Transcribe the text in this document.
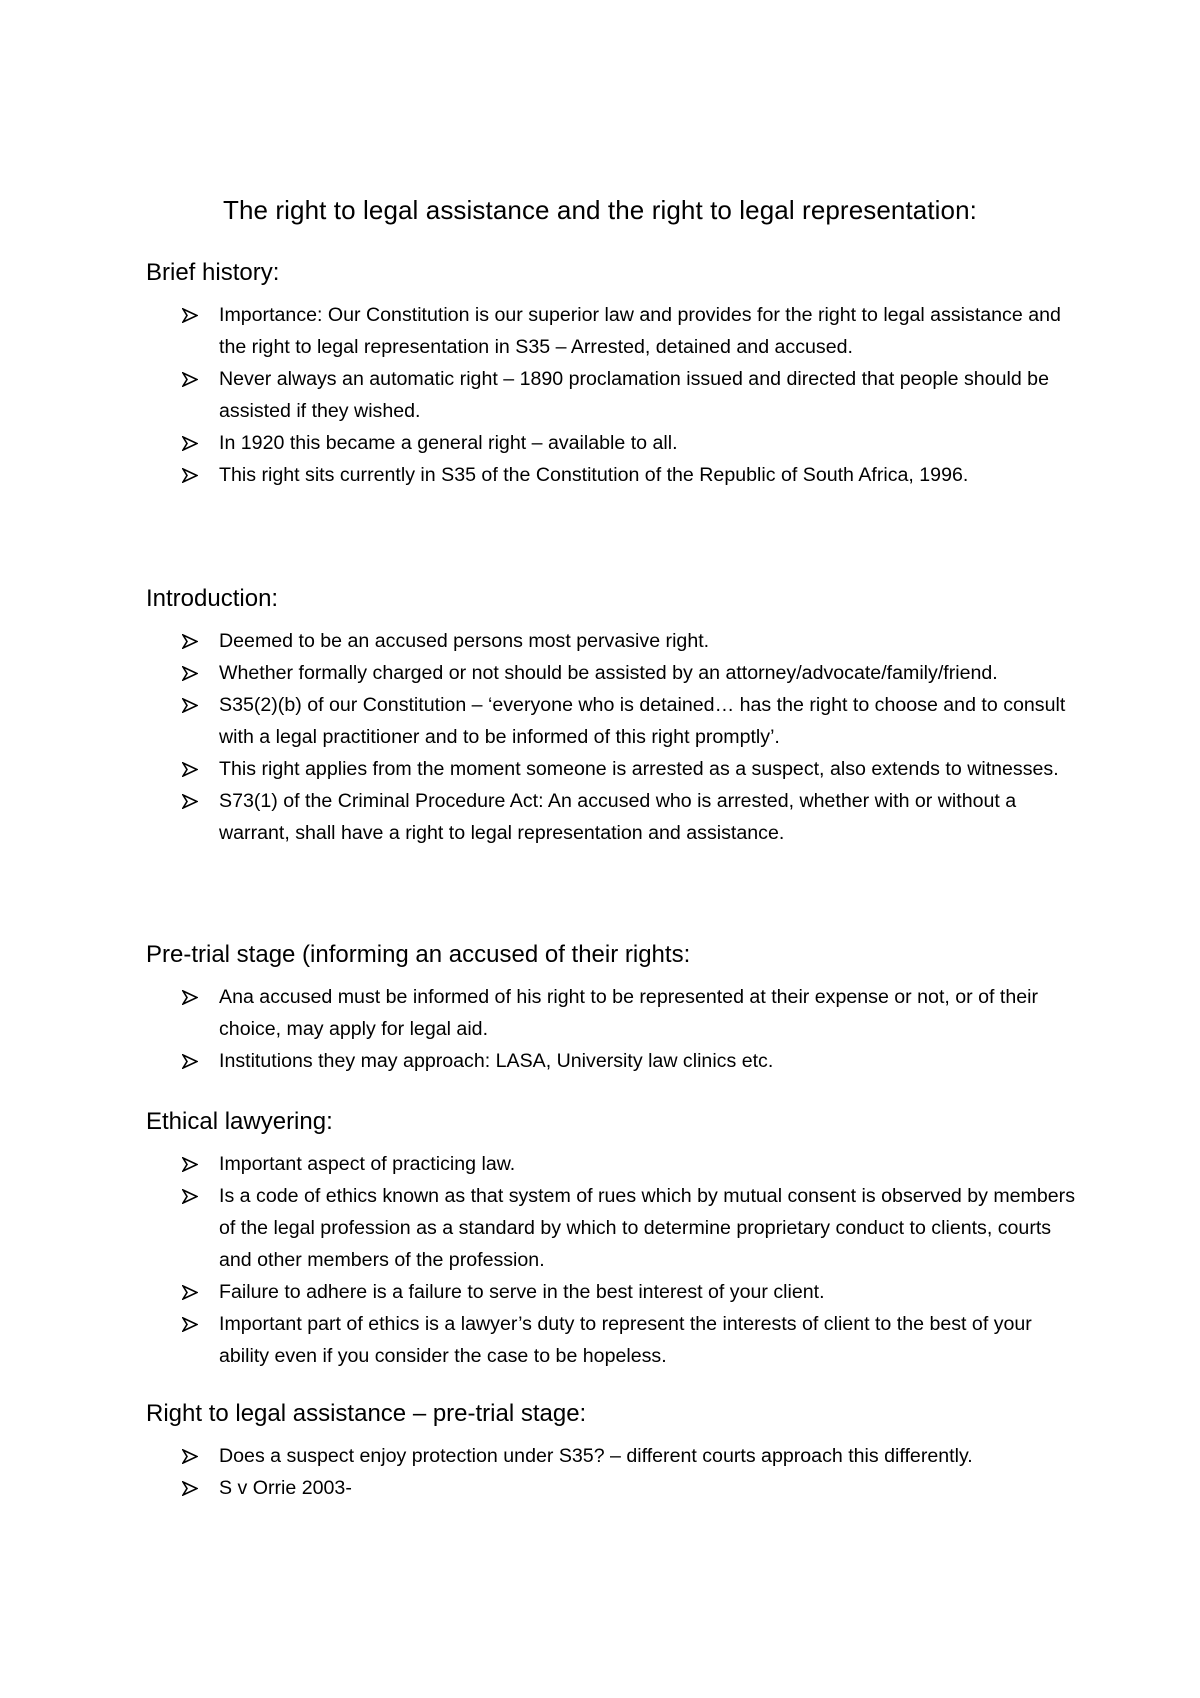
The right to legal assistance and the right to legal representation:
Brief history:
Importance: Our Constitution is our superior law and provides for the right to legal assistance and the right to legal representation in S35 – Arrested, detained and accused.
Never always an automatic right – 1890 proclamation issued and directed that people should be assisted if they wished.
In 1920 this became a general right – available to all.
This right sits currently in S35 of the Constitution of the Republic of South Africa, 1996.
Introduction:
Deemed to be an accused persons most pervasive right.
Whether formally charged or not should be assisted by an attorney/advocate/family/friend.
S35(2)(b) of our Constitution – ‘everyone who is detained… has the right to choose and to consult with a legal practitioner and to be informed of this right promptly’.
This right applies from the moment someone is arrested as a suspect, also extends to witnesses.
S73(1) of the Criminal Procedure Act: An accused who is arrested, whether with or without a warrant, shall have a right to legal representation and assistance.
Pre-trial stage (informing an accused of their rights:
Ana accused must be informed of his right to be represented at their expense or not, or of their choice, may apply for legal aid.
Institutions they may approach: LASA, University law clinics etc.
Ethical lawyering:
Important aspect of practicing law.
Is a code of ethics known as that system of rues which by mutual consent is observed by members of the legal profession as a standard by which to determine proprietary conduct to clients, courts and other members of the profession.
Failure to adhere is a failure to serve in the best interest of your client.
Important part of ethics is a lawyer’s duty to represent the interests of client to the best of your ability even if you consider the case to be hopeless.
Right to legal assistance – pre-trial stage:
Does a suspect enjoy protection under S35? – different courts approach this differently.
S v Orrie 2003-
